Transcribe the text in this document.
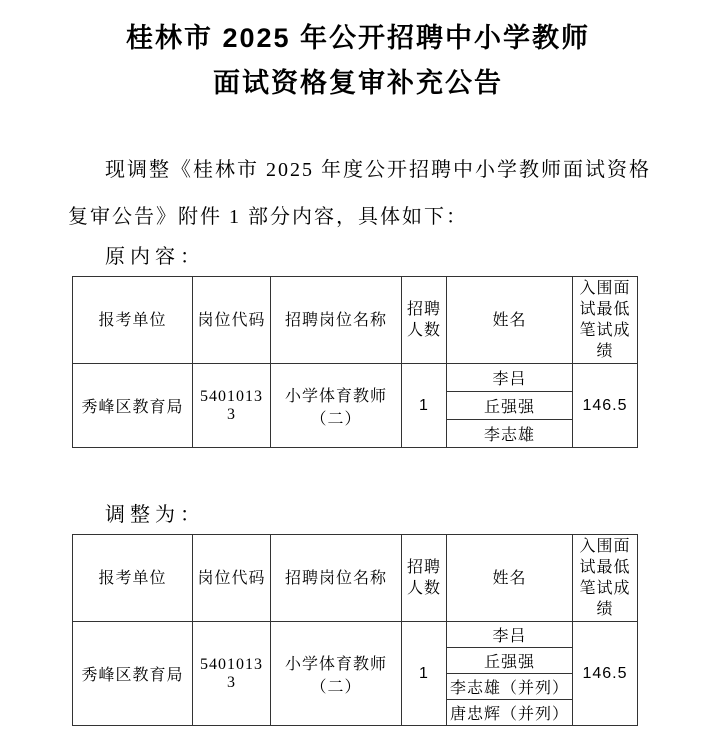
桂林市 2025 年公开招聘中小学教师
面试资格复审补充公告

现调整《桂林市 2025 年度公开招聘中小学教师面试资格
复审公告》附件 1 部分内容，具体如下：

原内容：

报考单位	岗位代码	招聘岗位名称	招聘人数	姓名	入围面试最低笔试成绩
秀峰区教育局	54010133	小学体育教师（二）	1	李吕	146.5
				丘强强	
				李志雄	

调整为：

报考单位	岗位代码	招聘岗位名称	招聘人数	姓名	入围面试最低笔试成绩
秀峰区教育局	54010133	小学体育教师（二）	1	李吕	146.5
				丘强强	
				李志雄（并列）	
				唐忠辉（并列）	
